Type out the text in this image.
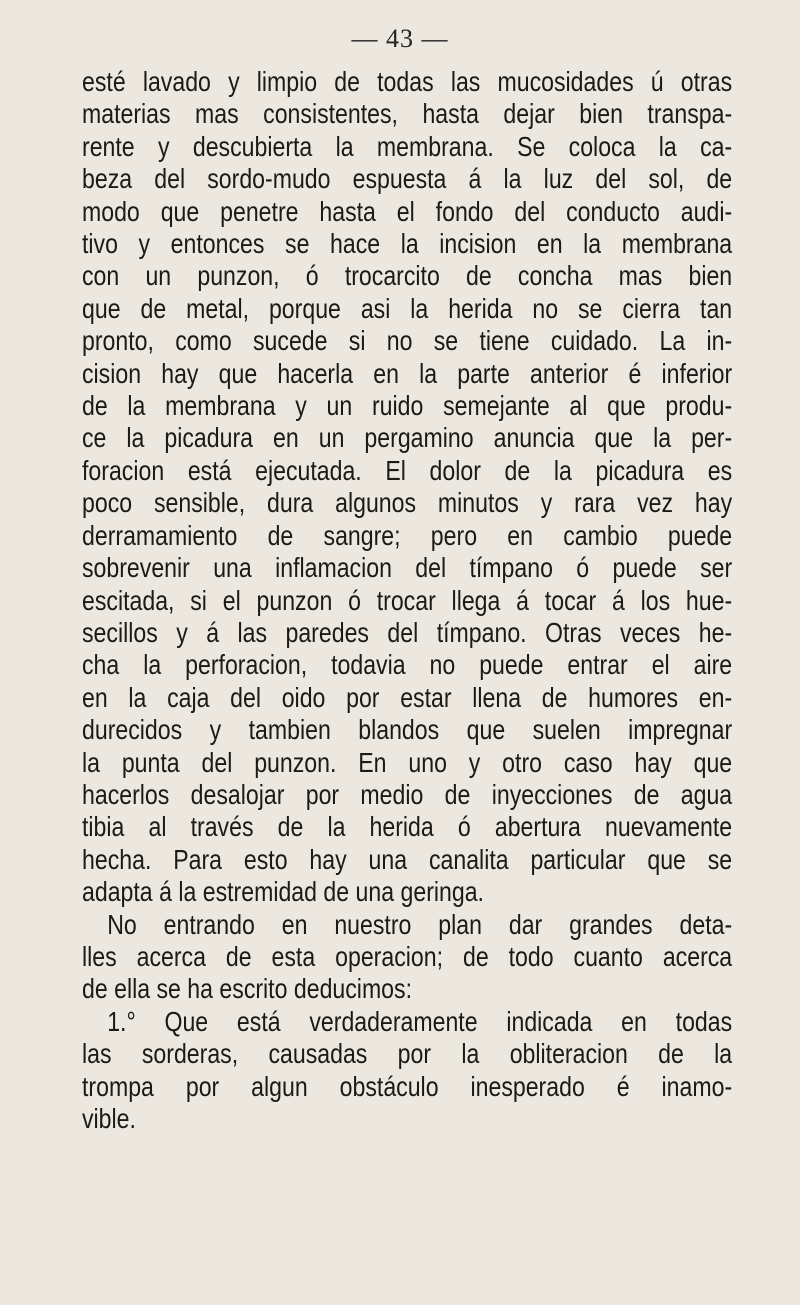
— 43 —
esté lavado y limpio de todas las mucosidades ú otras
materias mas consistentes, hasta dejar bien transpa-
rente y descubierta la membrana. Se coloca la ca-
beza del sordo-mudo espuesta á la luz del sol, de
modo que penetre hasta el fondo del conducto audi-
tivo y entonces se hace la incision en la membrana
con un punzon, ó trocarcito de concha mas bien
que de metal, porque asi la herida no se cierra tan
pronto, como sucede si no se tiene cuidado. La in-
cision hay que hacerla en la parte anterior é inferior
de la membrana y un ruido semejante al que produ-
ce la picadura en un pergamino anuncia que la per-
foracion está ejecutada. El dolor de la picadura es
poco sensible, dura algunos minutos y rara vez hay
derramamiento de sangre; pero en cambio puede
sobrevenir una inflamacion del tímpano ó puede ser
escitada, si el punzon ó trocar llega á tocar á los hue-
secillos y á las paredes del tímpano. Otras veces he-
cha la perforacion, todavia no puede entrar el aire
en la caja del oido por estar llena de humores en-
durecidos y tambien blandos que suelen impregnar
la punta del punzon. En uno y otro caso hay que
hacerlos desalojar por medio de inyecciones de agua
tibia al través de la herida ó abertura nuevamente
hecha. Para esto hay una canalita particular que se
adapta á la estremidad de una geringa.
No entrando en nuestro plan dar grandes deta-
lles acerca de esta operacion; de todo cuanto acerca
de ella se ha escrito deducimos:
1.° Que está verdaderamente indicada en todas
las sorderas, causadas por la obliteracion de la
trompa por algun obstáculo inesperado é inamo-
vible.
